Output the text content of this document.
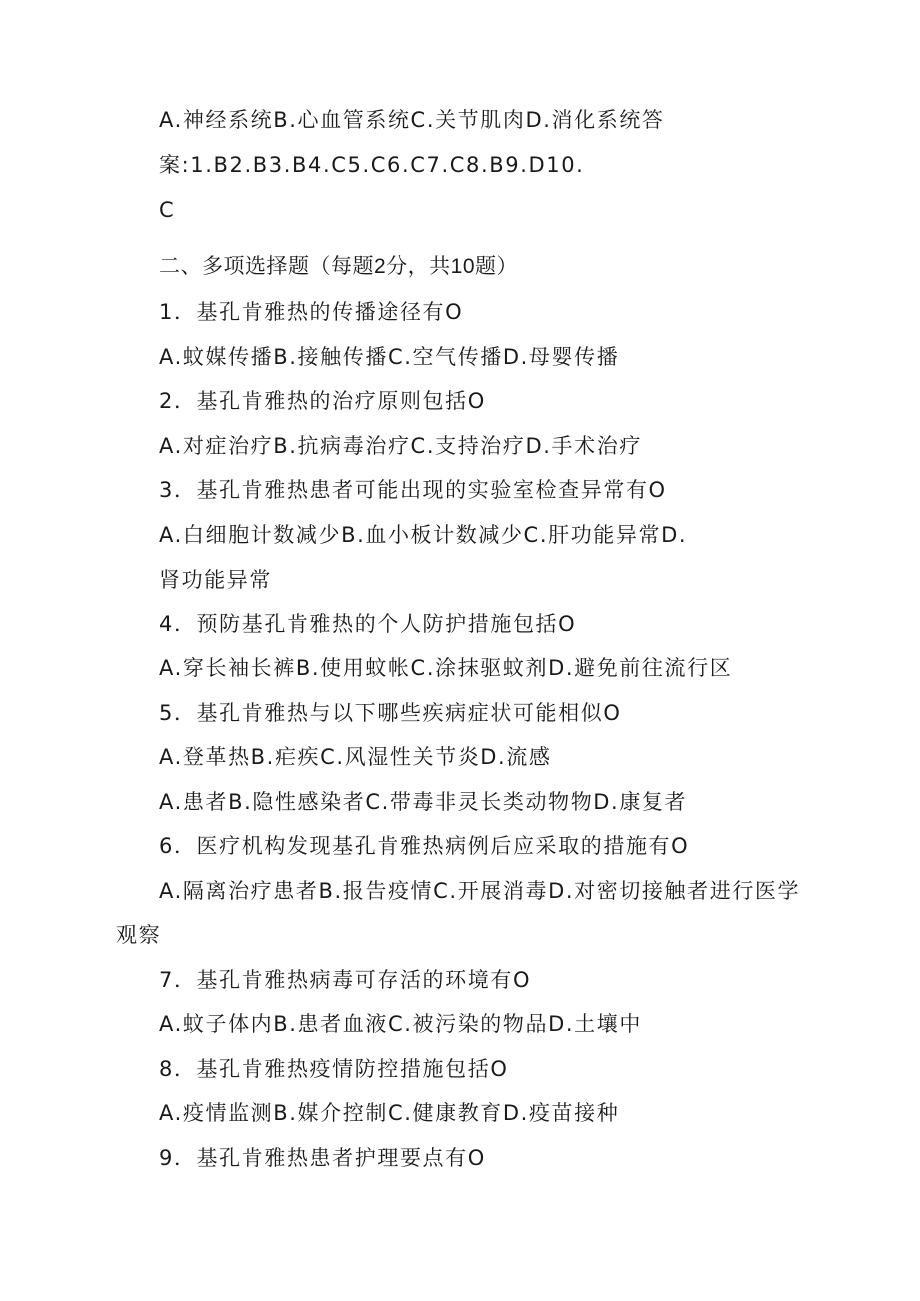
A.神经系统B.心血管系统C.关节肌肉D.消化系统答
案:1.B2.B3.B4.C5.C6.C7.C8.B9.D10.
C
二、多项选择题（每题2分，共10题）
1．基孔肯雅热的传播途径有O
A.蚊媒传播B.接触传播C.空气传播D.母婴传播
2．基孔肯雅热的治疗原则包括O
A.对症治疗B.抗病毒治疗C.支持治疗D.手术治疗
3．基孔肯雅热患者可能出现的实验室检查异常有O
A.白细胞计数减少B.血小板计数减少C.肝功能异常D.
肾功能异常
4．预防基孔肯雅热的个人防护措施包括O
A.穿长袖长裤B.使用蚊帐C.涂抹驱蚊剂D.避免前往流行区
5．基孔肯雅热与以下哪些疾病症状可能相似O
A.登革热B.疟疾C.风湿性关节炎D.流感
A.患者B.隐性感染者C.带毒非灵长类动物物D.康复者
6．医疗机构发现基孔肯雅热病例后应采取的措施有O
A.隔离治疗患者B.报告疫情C.开展消毒D.对密切接触者进行医学
观察
7．基孔肯雅热病毒可存活的环境有O
A.蚊子体内B.患者血液C.被污染的物品D.土壤中
8．基孔肯雅热疫情防控措施包括O
A.疫情监测B.媒介控制C.健康教育D.疫苗接种
9．基孔肯雅热患者护理要点有O
